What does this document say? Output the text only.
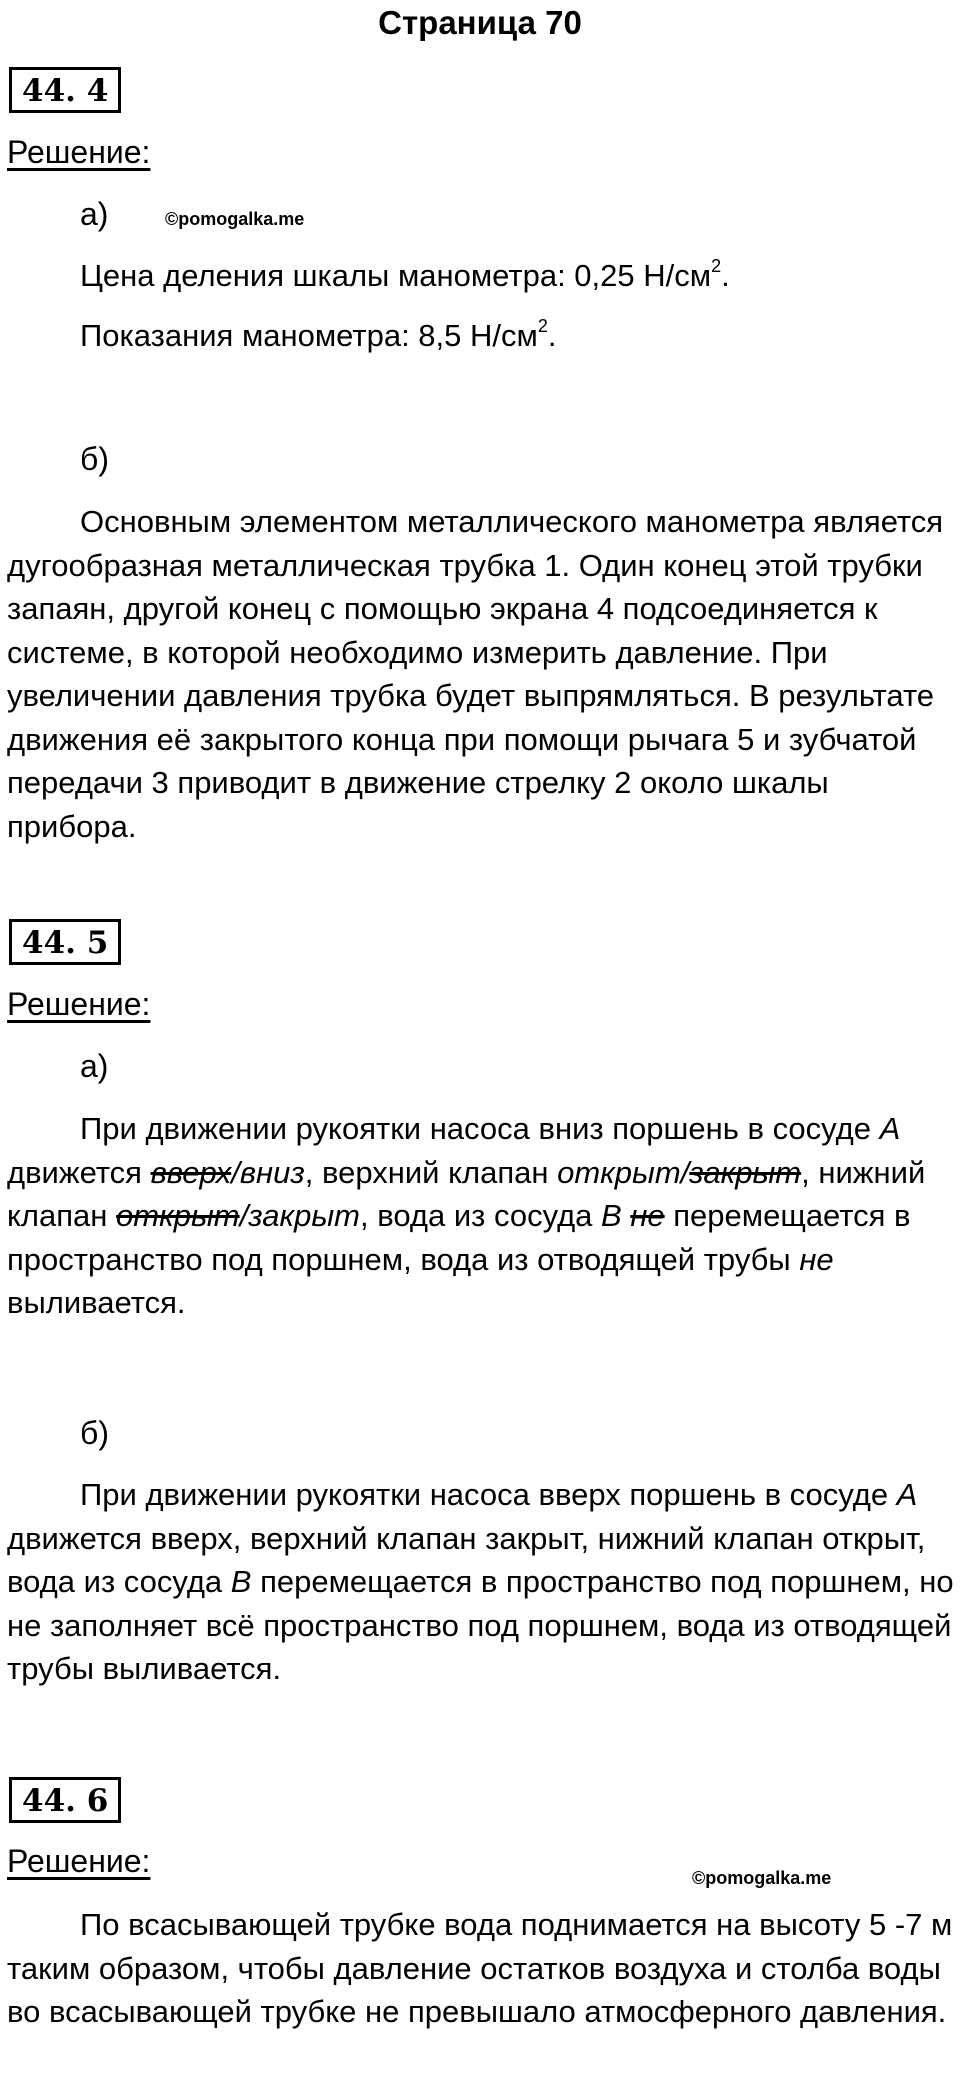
Страница 70
44. 4
Решение:
а)	©pomogalka.me
Цена деления шкалы манометра: 0,25 $Н/см^2$.
Показания манометра: 8,5 $Н/см^2$.
б)

Основным элементом металлического манометра является дугообразная металлическая трубка 1. Один конец этой трубки запаян, другой конец с помощью экрана 4 подсоединяется к системе, в которой необходимо измерить давление. При увеличении давления трубка будет выпрямляться. В результате движения её закрытого конца при помощи рычага 5 и зубчатой передачи 3 приводит в движение стрелку 2 около шкалы прибора.

44. 5
Решение:
а)

При движении рукоятки насоса вниз поршень в сосуде А движется вверх/вниз, верхний клапан открыт/закрыт, нижний клапан открыт/закрыт, вода из сосуда В не перемещается в пространство под поршнем, вода из отводящей трубы не выливается.

б)

При движении рукоятки насоса вверх поршень в сосуде А движется вверх, верхний клапан закрыт, нижний клапан открыт, вода из сосуда В перемещается в пространство под поршнем, но не заполняет всё пространство под поршнем, вода из отводящей трубы выливается.

44. 6
Решение:	©pomogalka.me

По всасывающей трубке вода поднимается на высоту 5 -7 м таким образом, чтобы давление остатков воздуха и столба воды во всасывающей трубке не превышало атмосферного давления.
